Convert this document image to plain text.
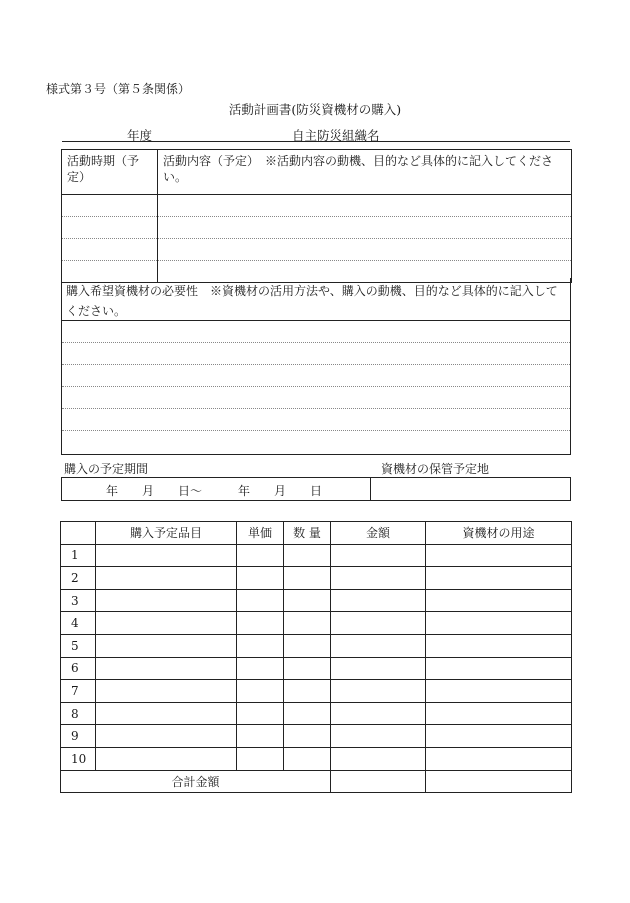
様式第３号（第５条関係）
活動計画書(防災資機材の購入)
年度	自主防災組織名
活動時期（予定）	活動内容（予定）　※活動内容の動機、目的など具体的に記入してください。

購入希望資機材の必要性　※資機材の活用方法や、購入の動機、目的など具体的に記入してください。
購入の予定期間	資機材の保管予定地
年　　月　　日～　　　年　　月　　日
	購入予定品目	単価	数 量	金額	資機材の用途
1					
2					
3					
4					
5					
6					
7					
8					
9					
10					
合計金額					
